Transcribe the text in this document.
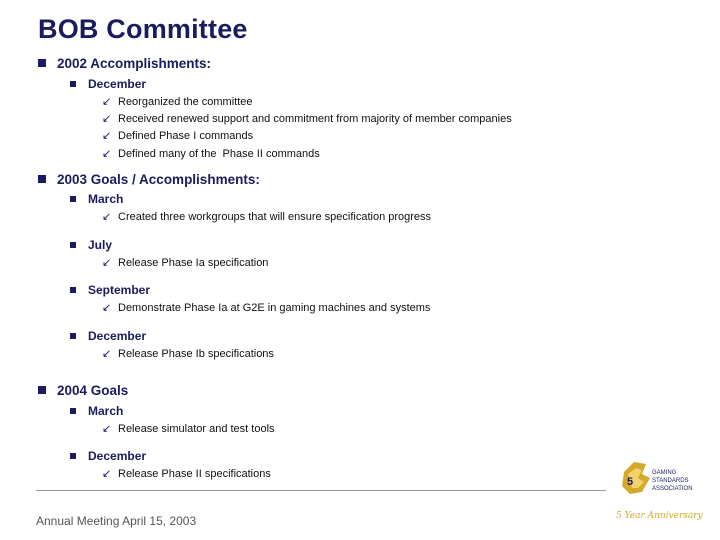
BOB Committee
2002 Accomplishments:
December
↙ Reorganized the committee
↙ Received renewed support and commitment from majority of member companies
↙ Defined Phase I commands
↙ Defined many of the  Phase II commands
2003 Goals / Accomplishments:
March
↙ Created three workgroups that will ensure specification progress
July
↙ Release Phase Ia specification
September
↙ Demonstrate Phase Ia at G2E in gaming machines and systems
December
↙ Release Phase Ib specifications
2004 Goals
March
↙ Release simulator and test tools
December
↙ Release Phase II specifications
Annual Meeting April 15, 2003
5
GAMING
STANDARDS
ASSOCIATION
5 Year Anniversary
